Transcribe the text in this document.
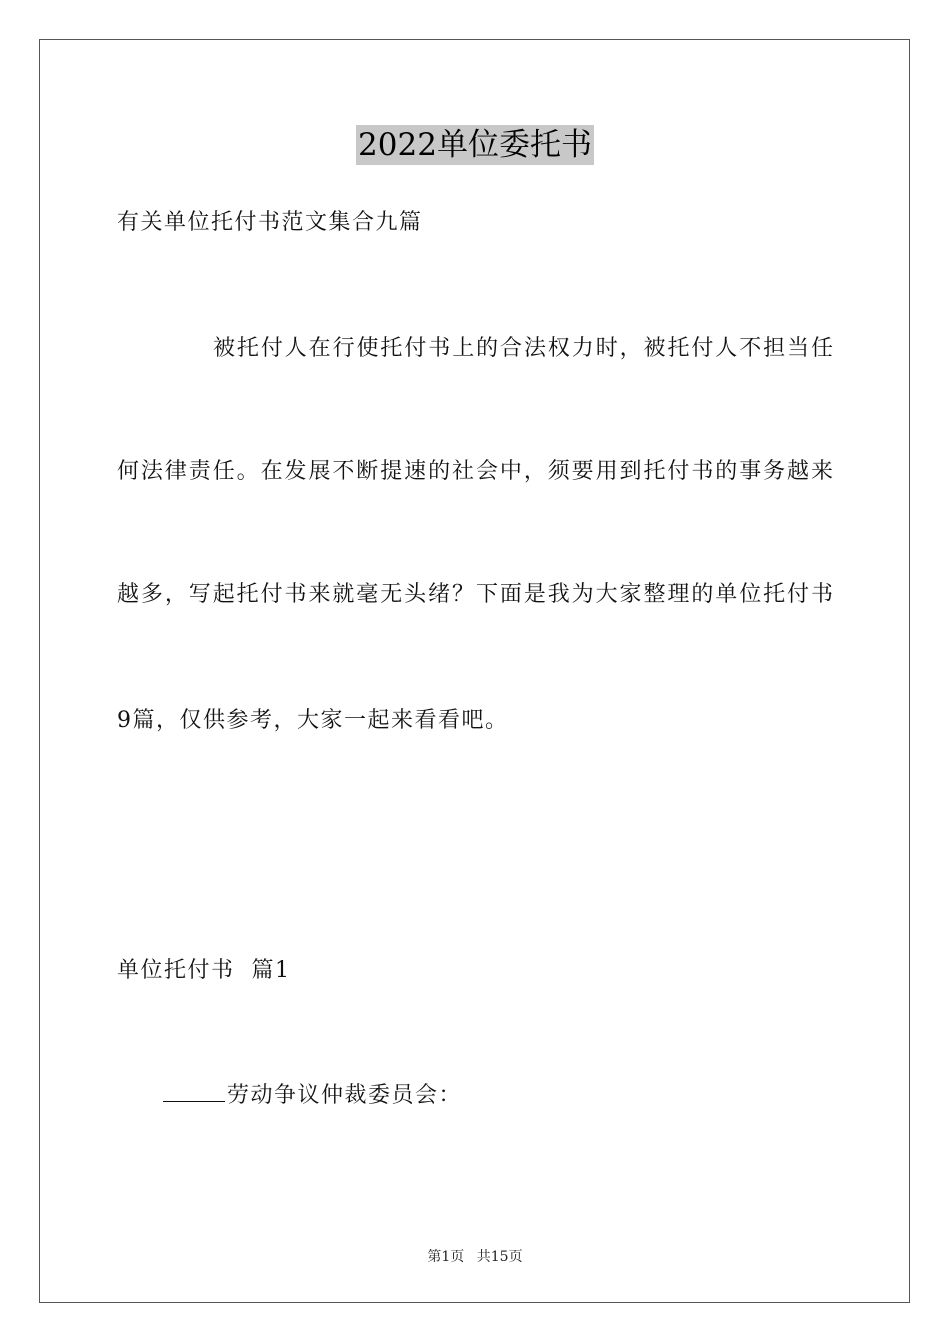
2022单位委托书
有关单位托付书范文集合九篇
被托付人在行使托付书上的合法权力时，被托付人不担当任
何法律责任。在发展不断提速的社会中，须要用到托付书的事务越来
越多，写起托付书来就毫无头绪？下面是我为大家整理的单位托付书
9篇，仅供参考，大家一起来看看吧。
单位托付书  篇1
劳动争议仲裁委员会：
第1页 共15页
